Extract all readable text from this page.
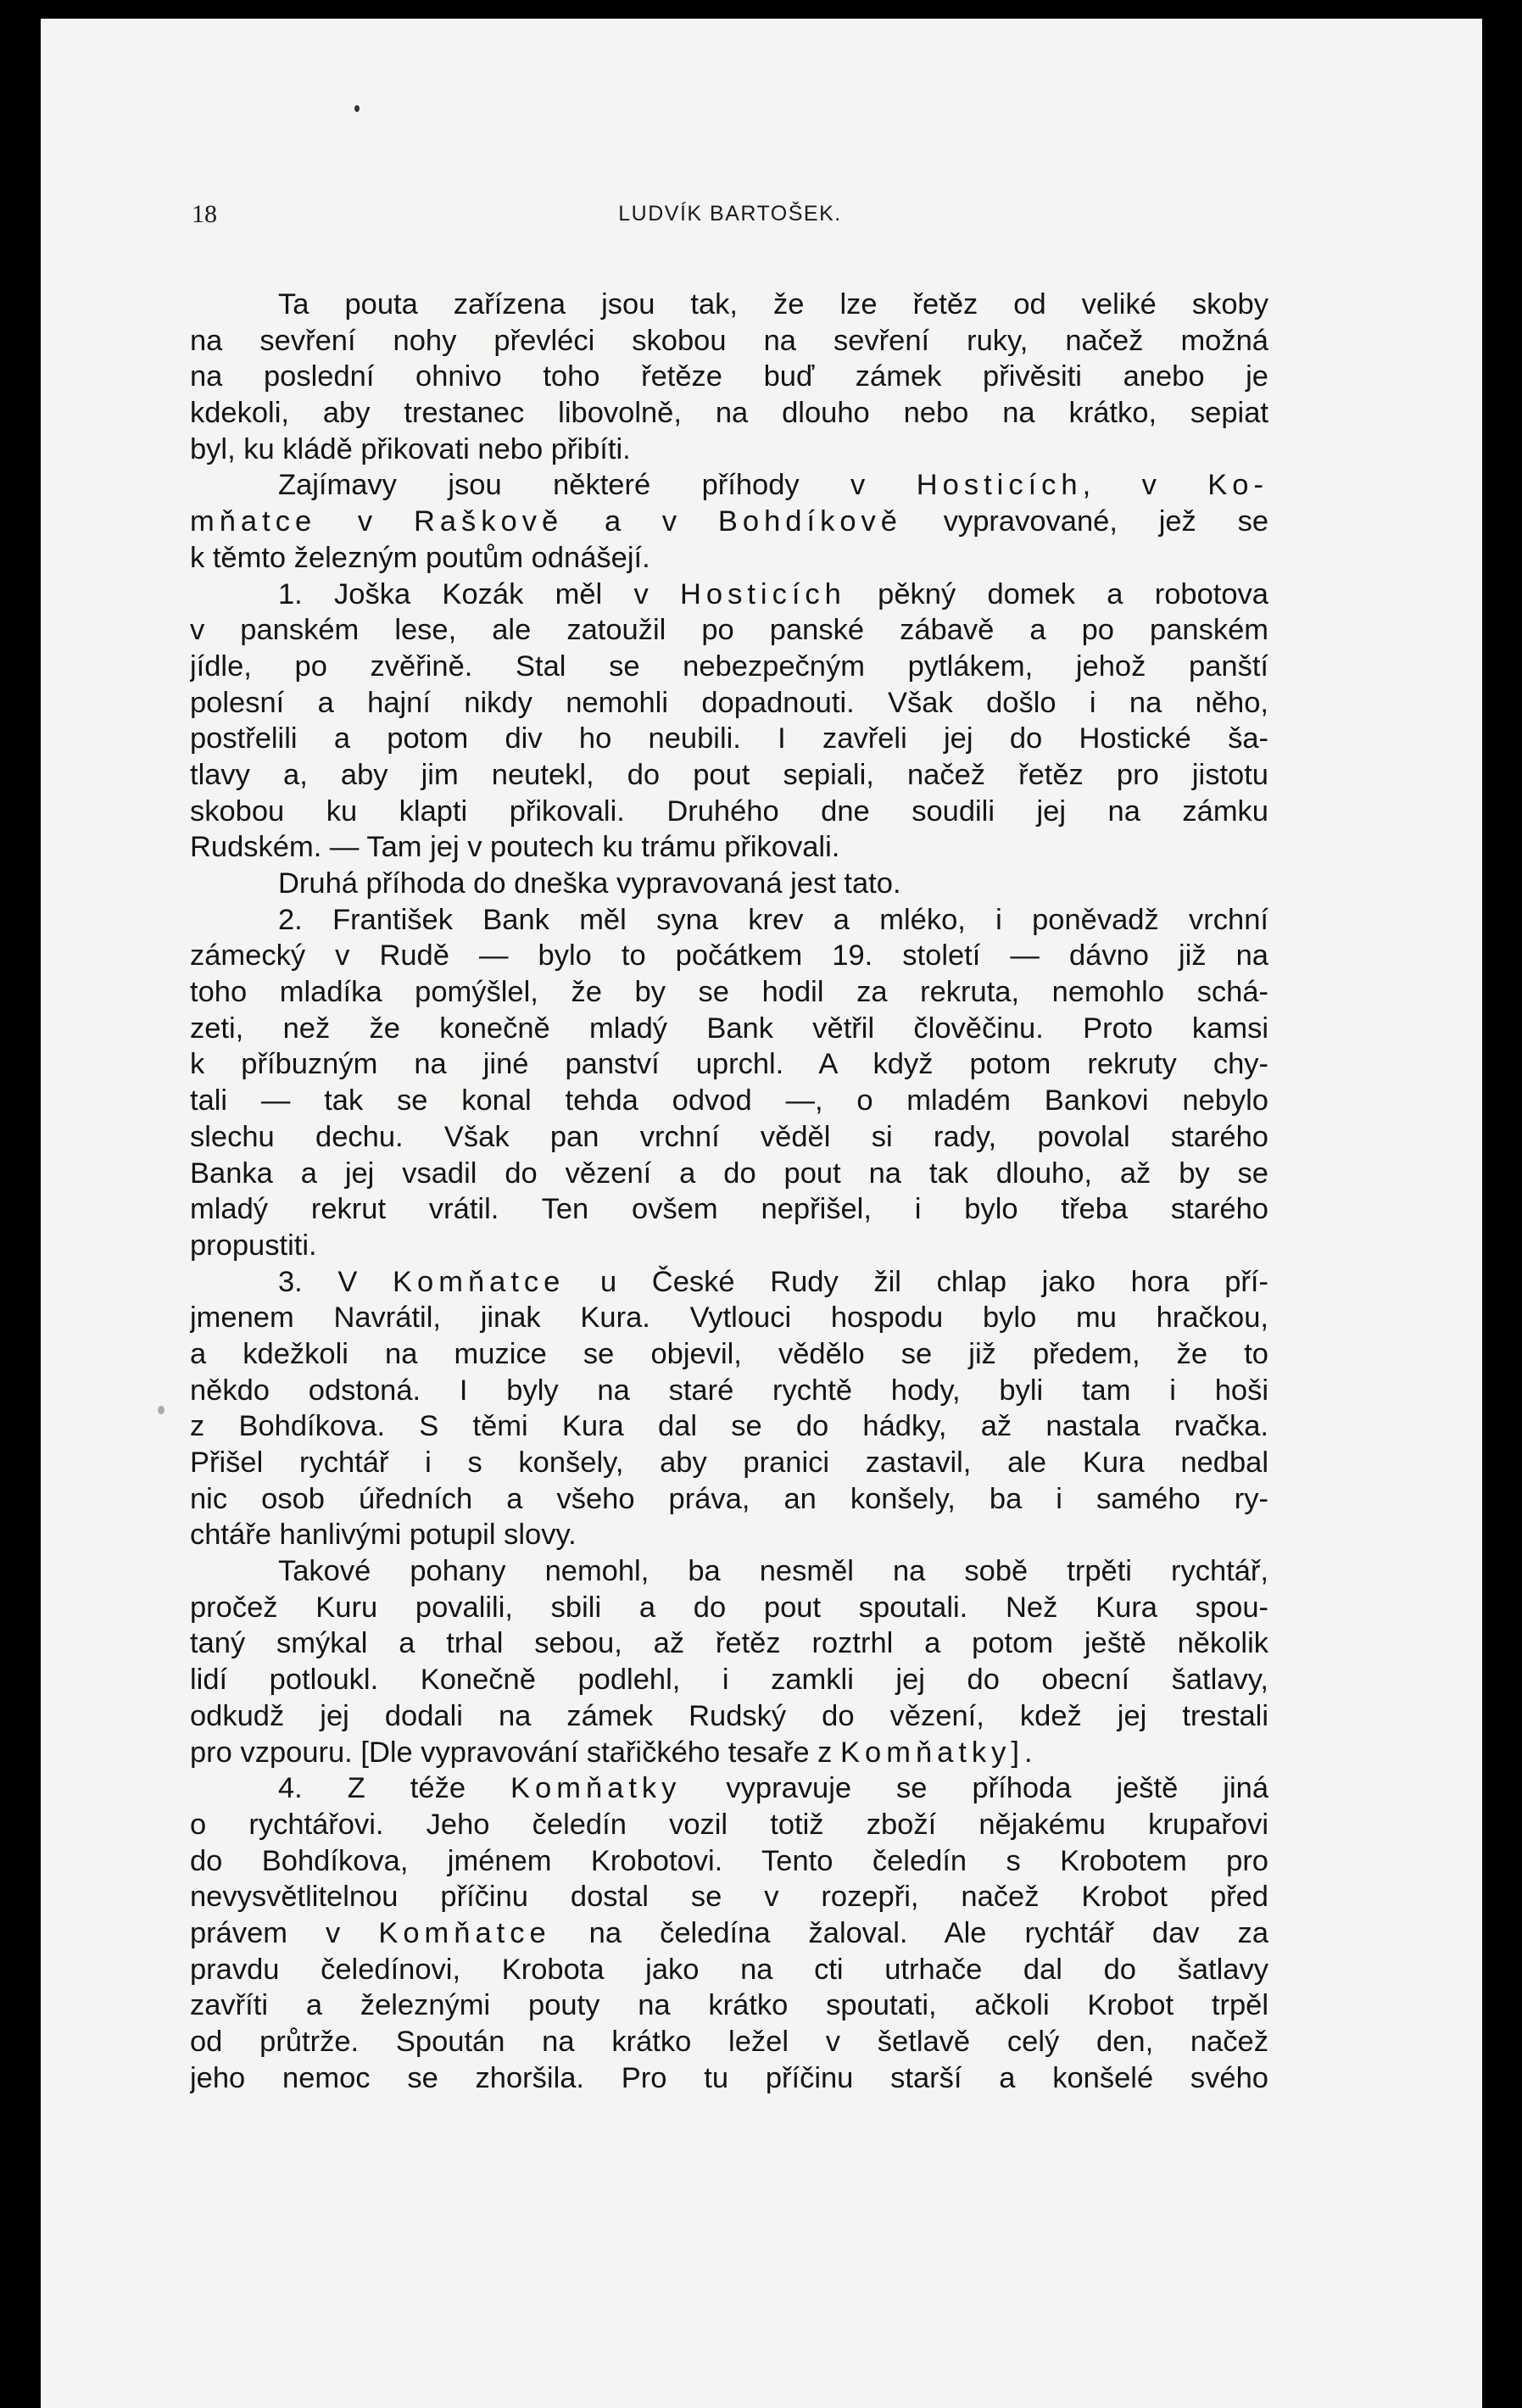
18	LUDVÍK BARTOŠEK.
Ta pouta zařízena jsou tak, že lze řetěz od veliké skoby
na sevření nohy převléci skobou na sevření ruky, načež možná
na poslední ohnivo toho řetěze buď zámek přivěsiti anebo je
kdekoli, aby trestanec libovolně, na dlouho nebo na krátko, sepiat
byl, ku kládě přikovati nebo přibíti.
Zajímavy jsou některé příhody v Hosticích, v Ko-
mňatce v Raškově a v Bohdíkově vypravované, jež se
k těmto železným poutům odnášejí.
1. Joška Kozák měl v Hosticích pěkný domek a robotova
v panském lese, ale zatoužil po panské zábavě a po panském
jídle, po zvěřině. Stal se nebezpečným pytlákem, jehož panští
polesní a hajní nikdy nemohli dopadnouti. Však došlo i na něho,
postřelili a potom div ho neubili. I zavřeli jej do Hostické ša-
tlavy a, aby jim neutekl, do pout sepiali, načež řetěz pro jistotu
skobou ku klapti přikovali. Druhého dne soudili jej na zámku
Rudském. — Tam jej v poutech ku trámu přikovali.
Druhá příhoda do dneška vypravovaná jest tato.
2. František Bank měl syna krev a mléko, i poněvadž vrchní
zámecký v Rudě — bylo to počátkem 19. století — dávno již na
toho mladíka pomýšlel, že by se hodil za rekruta, nemohlo schá-
zeti, než že konečně mladý Bank větřil člověčinu. Proto kamsi
k příbuzným na jiné panství uprchl. A když potom rekruty chy-
tali — tak se konal tehda odvod —, o mladém Bankovi nebylo
slechu dechu. Však pan vrchní věděl si rady, povolal starého
Banka a jej vsadil do vězení a do pout na tak dlouho, až by se
mladý rekrut vrátil. Ten ovšem nepřišel, i bylo třeba starého
propustiti.
3. V Komňatce u České Rudy žil chlap jako hora pří-
jmenem Navrátil, jinak Kura. Vytlouci hospodu bylo mu hračkou,
a kdežkoli na muzice se objevil, vědělo se již předem, že to
někdo odstoná. I byly na staré rychtě hody, byli tam i hoši
z Bohdíkova. S těmi Kura dal se do hádky, až nastala rvačka.
Přišel rychtář i s konšely, aby pranici zastavil, ale Kura nedbal
nic osob úředních a všeho práva, an konšely, ba i samého ry-
chtáře hanlivými potupil slovy.
Takové pohany nemohl, ba nesměl na sobě trpěti rychtář,
pročež Kuru povalili, sbili a do pout spoutali. Než Kura spou-
taný smýkal a trhal sebou, až řetěz roztrhl a potom ještě několik
lidí potloukl. Konečně podlehl, i zamkli jej do obecní šatlavy,
odkudž jej dodali na zámek Rudský do vězení, kdež jej trestali
pro vzpouru. [Dle vypravování stařičkého tesaře z Komňatky].
4. Z téže Komňatky vypravuje se příhoda ještě jiná
o rychtářovi. Jeho čeledín vozil totiž zboží nějakému krupařovi
do Bohdíkova, jménem Krobotovi. Tento čeledín s Krobotem pro
nevysvětlitelnou příčinu dostal se v rozepři, načež Krobot před
právem v Komňatce na čeledína žaloval. Ale rychtář dav za
pravdu čeledínovi, Krobota jako na cti utrhače dal do šatlavy
zavříti a železnými pouty na krátko spoutati, ačkoli Krobot trpěl
od průtrže. Spoután na krátko ležel v šetlavě celý den, načež
jeho nemoc se zhoršila. Pro tu příčinu starší a konšelé svého
